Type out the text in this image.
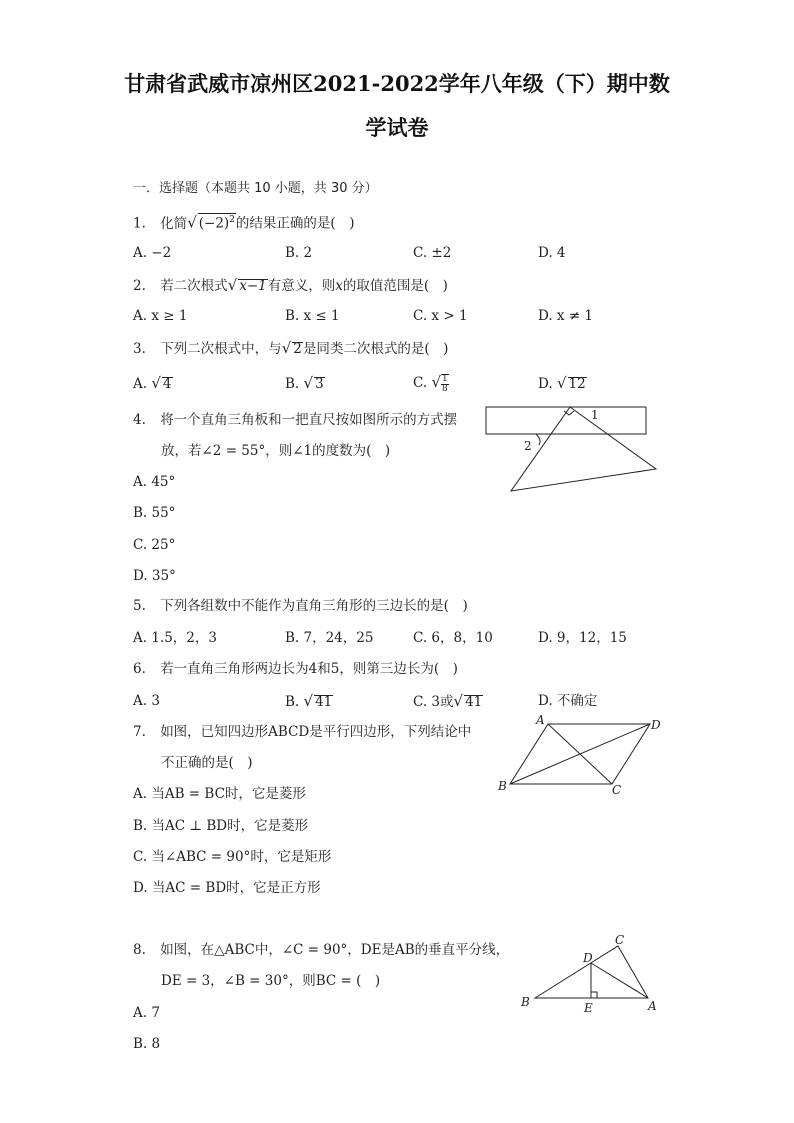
甘肃省武威市凉州区2021-2022学年八年级（下）期中数
学试卷
一．选择题（本题共 10 小题，共 30 分）
1. 化简√ $(-2)^2$的结果正确的是(　)
A. −2	B. 2	C. ±2	D. 4
2. 若二次根式√ x−1有意义，则x的取值范围是(　)
A. x ≥ 1	B. x ≤ 1	C. x > 1	D. x ≠ 1
3. 下列二次根式中，与√ 2是同类二次根式的是(　)
A. √ 4	B. √ 3	C. √ $\frac{1}{8}$	D. √ 12
4. 将一个直角三角板和一把直尺按如图所示的方式摆
放，若∠2 = 55°，则∠1的度数为(　)
A. 45°
B. 55°
C. 25°
D. 35°
1
2
5. 下列各组数中不能作为直角三角形的三边长的是(　)
A. 1.5，2，3	B. 7，24，25	C. 6，8，10	D. 9，12，15
6. 若一直角三角形两边长为4和5，则第三边长为(　)
A. 3	B. √ 41	C. 3或√ 41	D. 不确定
7. 如图，已知四边形ABCD是平行四边形，下列结论中
不正确的是(　)
A. 当AB = BC时，它是菱形
B. 当AC ⊥ BD时，它是菱形
C. 当∠ABC = 90°时，它是矩形
D. 当AC = BD时，它是正方形
A	D
B	C
8. 如图，在△ABC中，∠C = 90°，DE是AB的垂直平分线，
DE = 3，∠B = 30°，则BC = (　)
A. 7
B. 8
C
D
B	E	A
